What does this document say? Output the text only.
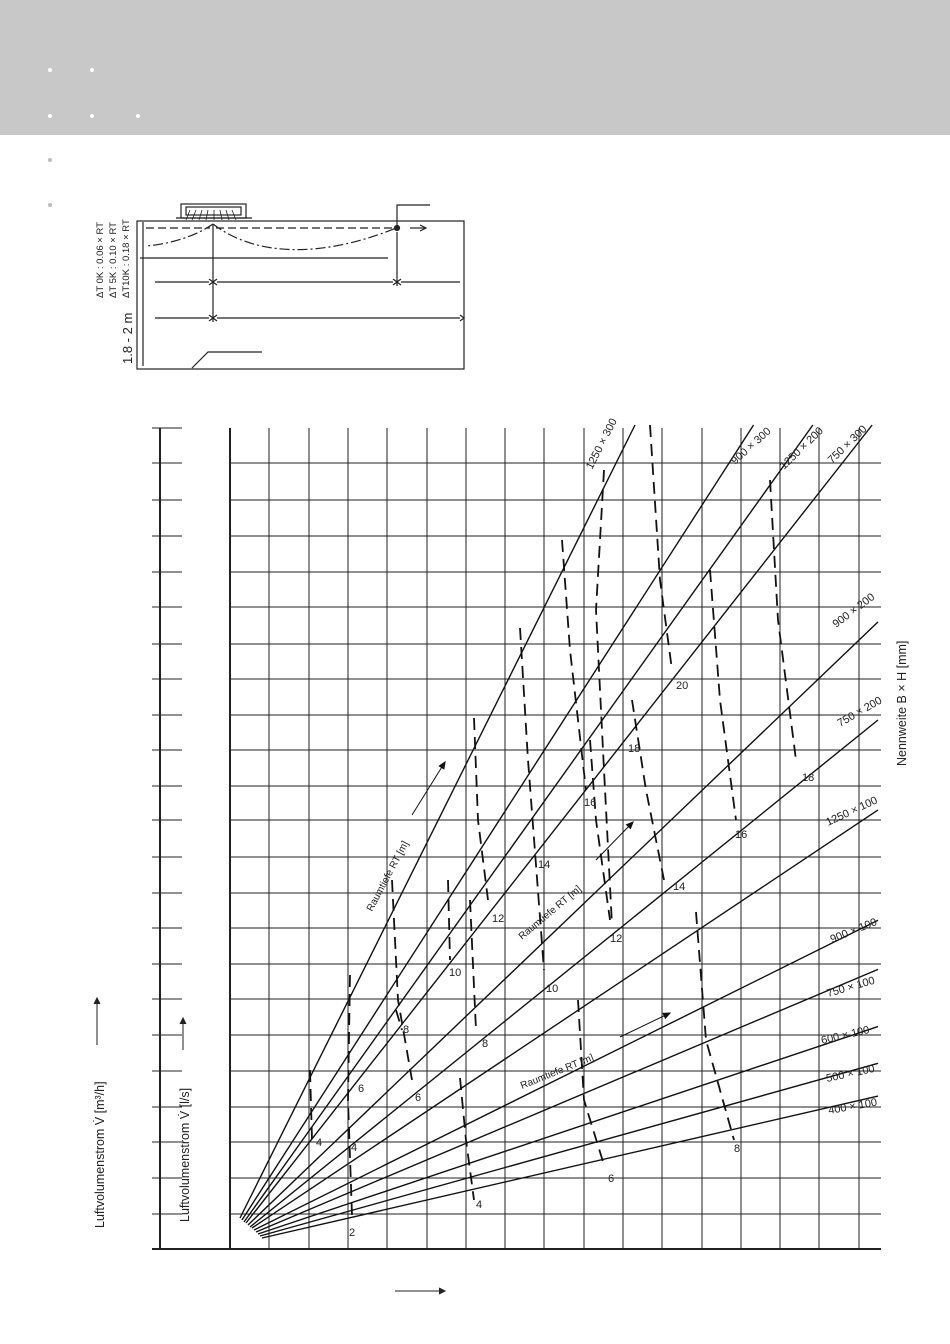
ΔT 0K : 0.06 × RT ΔT 5K : 0.10 × RT ΔT10K : 0.18 × RT
1.8 - 2 m
1250 × 300	900 × 300 1250 × 200 750 × 300
900 × 200
750 × 200
1250 × 100
900 × 100
750 × 100
600 × 100
500 × 100
400 × 100
Raumtiefe RT [m]	Raumtiefe RT [m]
Raumtiefe RT [m]
2
4	4
6
8
10
12
14
16
18
20
4
6
8
10
12
14
16
18
6
8
Luftvolumenstrom V̇ [m³/h]	Luftvolumenstrom V̇ [l/s]
Nennweite B × H [mm]
